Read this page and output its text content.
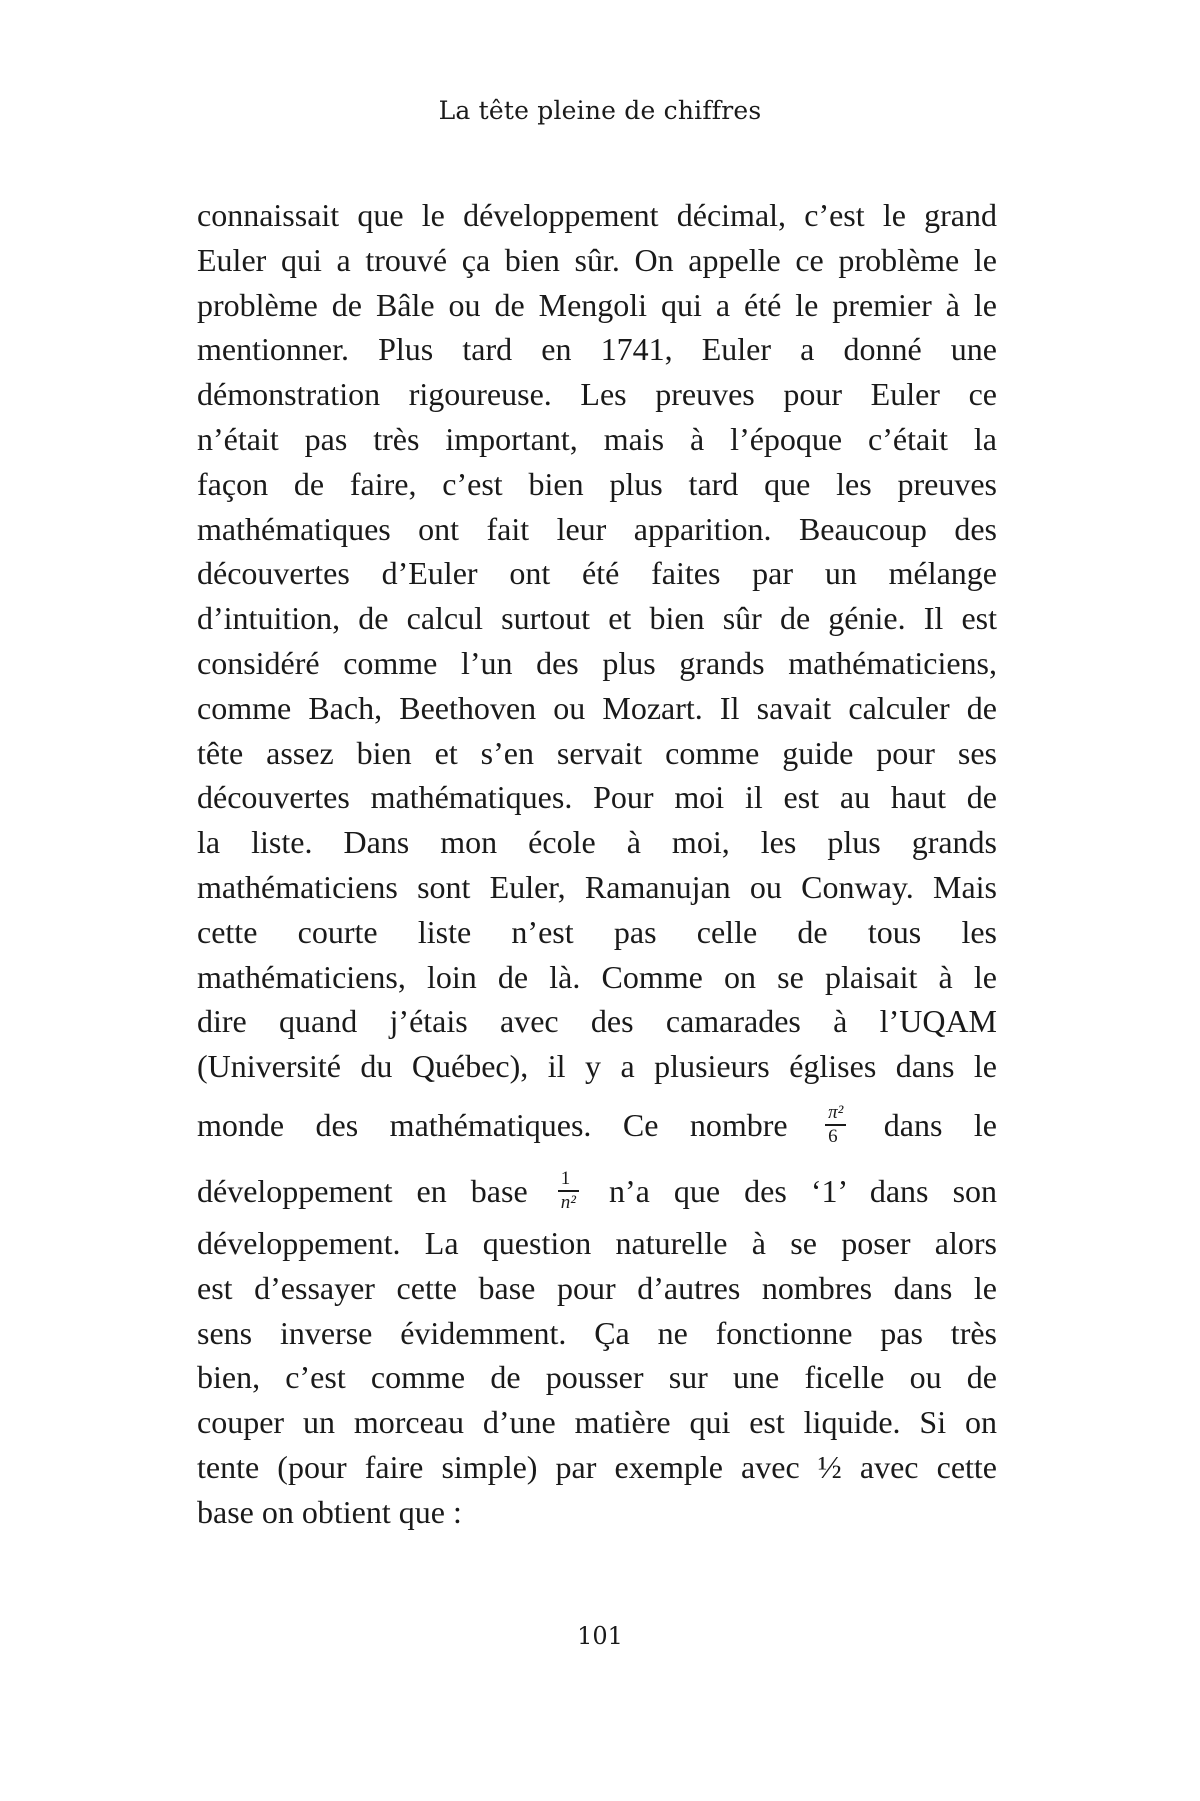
La tête pleine de chiffres
connaissait que le développement décimal, c’est le grand
Euler qui a trouvé ça bien sûr. On appelle ce problème le
problème de Bâle ou de Mengoli qui a été le premier à le
mentionner. Plus tard en 1741, Euler a donné une
démonstration rigoureuse. Les preuves pour Euler ce
n’était pas très important, mais à l’époque c’était la
façon de faire, c’est bien plus tard que les preuves
mathématiques ont fait leur apparition. Beaucoup des
découvertes d’Euler ont été faites par un mélange
d’intuition, de calcul surtout et bien sûr de génie. Il est
considéré comme l’un des plus grands mathématiciens,
comme Bach, Beethoven ou Mozart. Il savait calculer de
tête assez bien et s’en servait comme guide pour ses
découvertes mathématiques. Pour moi il est au haut de
la liste. Dans mon école à moi, les plus grands
mathématiciens sont Euler, Ramanujan ou Conway. Mais
cette courte liste n’est pas celle de tous les
mathématiciens, loin de là. Comme on se plaisait à le
dire quand j’étais avec des camarades à l’UQAM
(Université du Québec), il y a plusieurs églises dans le
monde des mathématiques. Ce nombre $\frac{\text{π²}}{6}$ dans le
développement en base $\frac{1}{\text{n²}}$ n’a que des ‘1’ dans son
développement. La question naturelle à se poser alors
est d’essayer cette base pour d’autres nombres dans le
sens inverse évidemment. Ça ne fonctionne pas très
bien, c’est comme de pousser sur une ficelle ou de
couper un morceau d’une matière qui est liquide. Si on
tente (pour faire simple) par exemple avec ½ avec cette
base on obtient que :
101
